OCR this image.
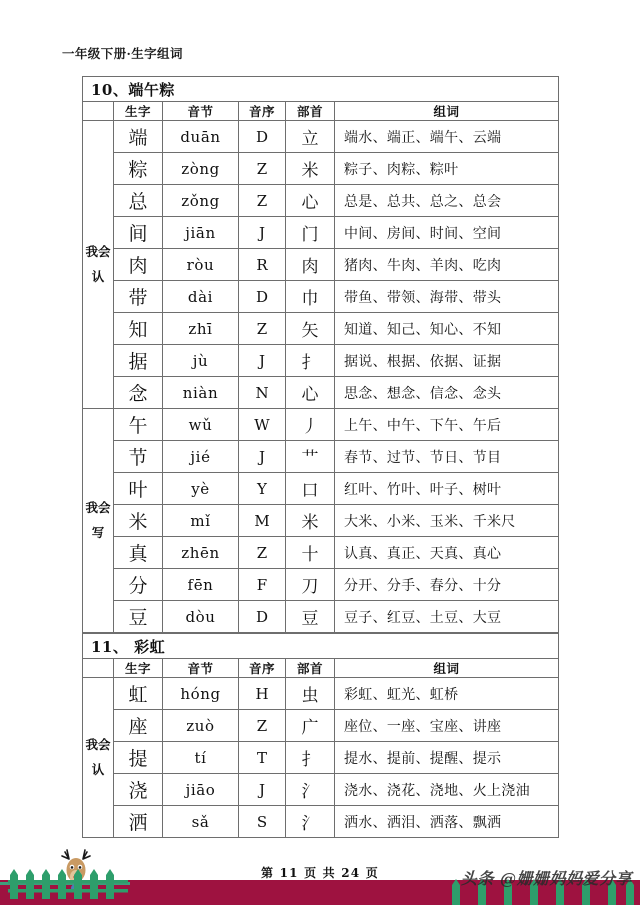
一年级下册·生字组词
10、端午粽					
	生字	音节	音序	部首	组词
我会认	端	duān	D	立	端水、端正、端午、云端
	粽	zòng	Z	米	粽子、肉粽、粽叶
	总	zǒng	Z	心	总是、总共、总之、总会
	间	jiān	J	门	中间、房间、时间、空间
	肉	ròu	R	肉	猪肉、牛肉、羊肉、吃肉
	带	dài	D	巾	带鱼、带领、海带、带头
	知	zhī	Z	矢	知道、知己、知心、不知
	据	jù	J	扌	据说、根据、依据、证据
	念	niàn	N	心	思念、想念、信念、念头
我会写	午	wǔ	W	丿	上午、中午、下午、午后
	节	jié	J	艹	春节、过节、节日、节目
	叶	yè	Y	口	红叶、竹叶、叶子、树叶
	米	mǐ	M	米	大米、小米、玉米、千米尺
	真	zhēn	Z	十	认真、真正、天真、真心
	分	fēn	F	刀	分开、分手、春分、十分
	豆	dòu	D	豆	豆子、红豆、土豆、大豆
11、 彩虹					
	生字	音节	音序	部首	组词
我会认	虹	hóng	H	虫	彩虹、虹光、虹桥
	座	zuò	Z	广	座位、一座、宝座、讲座
	提	tí	T	扌	提水、提前、提醒、提示
	浇	jiāo	J	氵	浇水、浇花、浇地、火上浇油
	洒	sǎ	S	氵	洒水、洒泪、洒落、飘洒
第 11 页 共 24 页	头条 @姗姗妈妈爱分享
